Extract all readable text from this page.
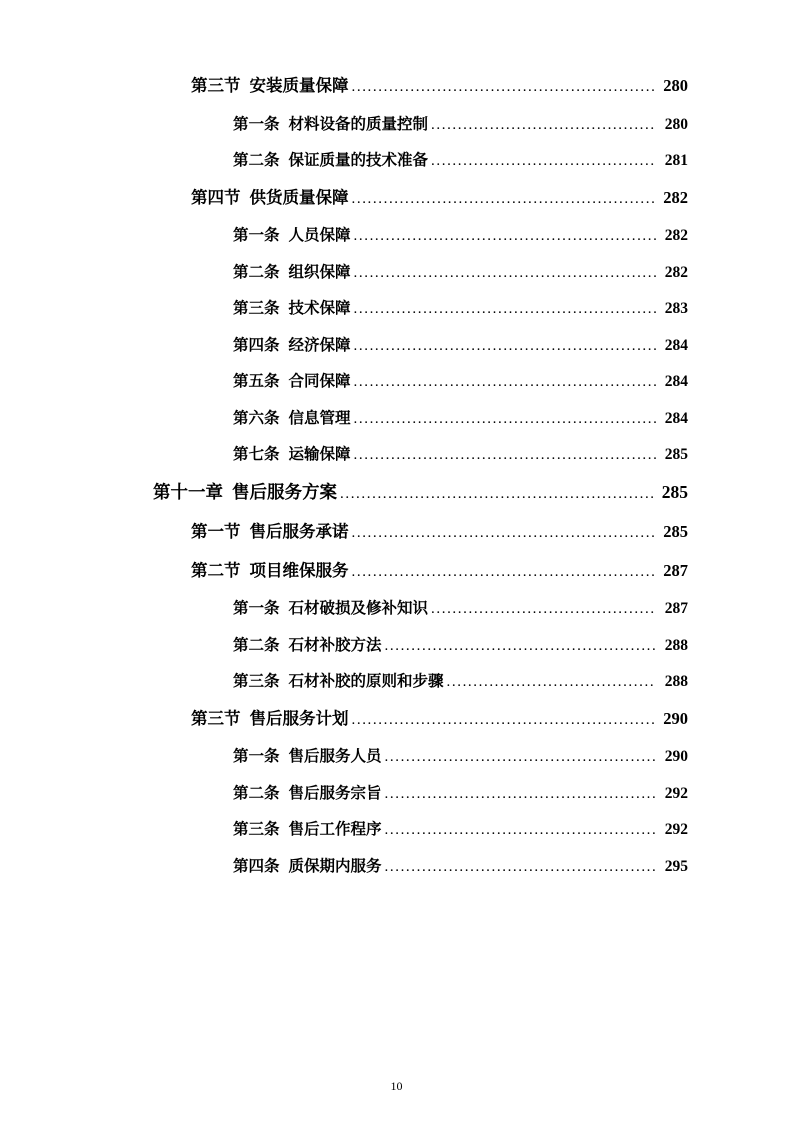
第三节 安装质量保障 .....	280
第一条 材料设备的质量控制 .....	280
第二条 保证质量的技术准备 .....	281
第四节 供货质量保障 .....	282
第一条 人员保障 .....	282
第二条 组织保障 .....	282
第三条 技术保障 .....	283
第四条 经济保障 .....	284
第五条 合同保障 .....	284
第六条 信息管理 .....	284
第七条 运输保障 .....	285
第十一章 售后服务方案 .....	285
第一节 售后服务承诺 .....	285
第二节 项目维保服务 .....	287
第一条 石材破损及修补知识 .....	287
第二条 石材补胶方法 .....	288
第三条 石材补胶的原则和步骤 .....	288
第三节 售后服务计划 .....	290
第一条 售后服务人员 .....	290
第二条 售后服务宗旨 .....	292
第三条 售后工作程序 .....	292
第四条 质保期内服务 .....	295
10
